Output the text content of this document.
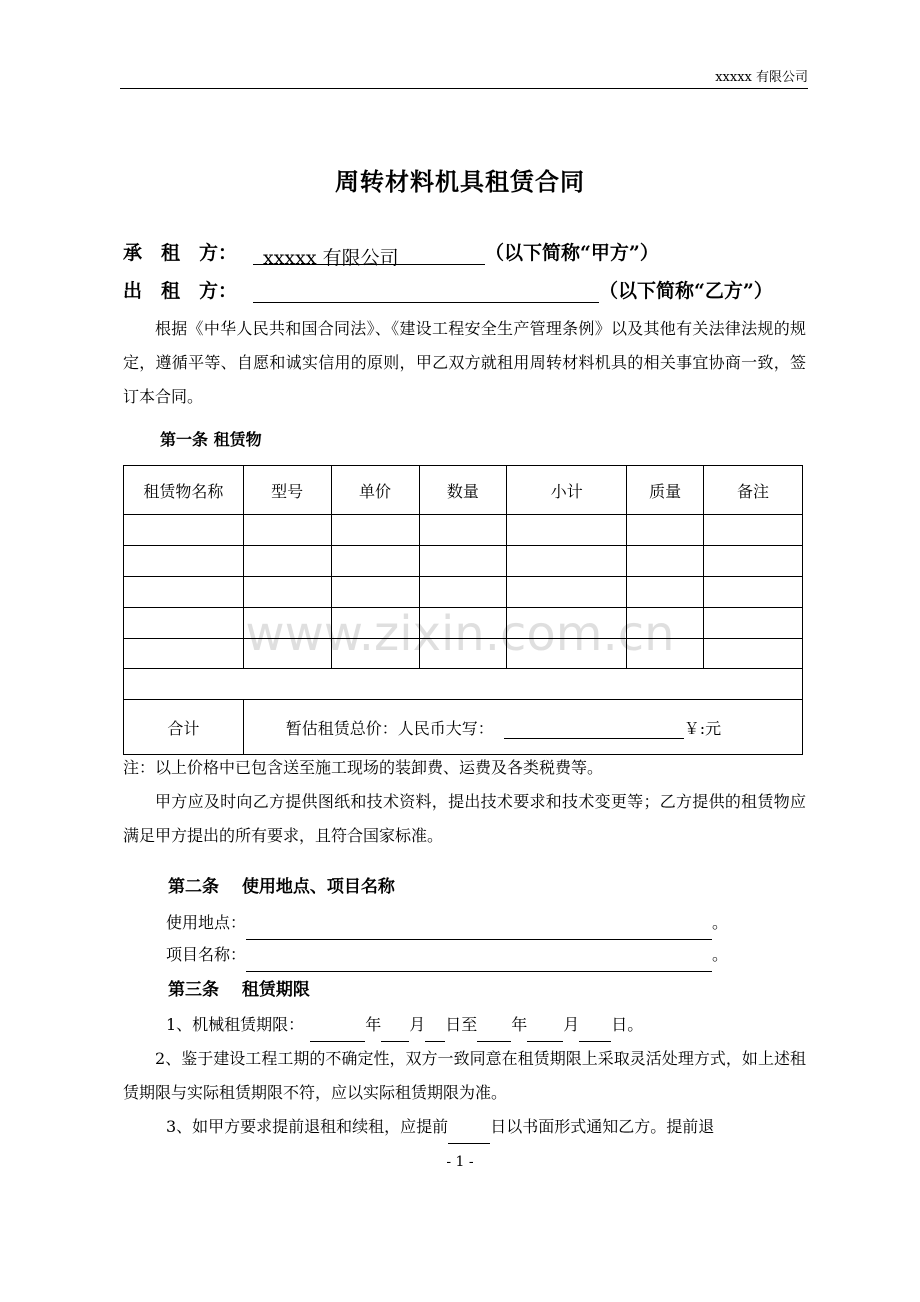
xxxxx 有限公司
周转材料机具租赁合同
承　租　方： xxxxx 有限公司	（以下简称“甲方”）
出　租　方：	（以下简称“乙方”）
根据《中华人民共和国合同法》、《建设工程安全生产管理条例》以及其他有关法律法规的规定，遵循平等、自愿和诚实信用的原则，甲乙双方就租用周转材料机具的相关事宜协商一致，签订本合同。
第一条 租赁物
租赁物名称	型号	单价	数量	小计	质量	备注

合计	暂估租赁总价：人民币大写： ￥:元					
www.zixin.com.cn
注：以上价格中已包含送至施工现场的装卸费、运费及各类税费等。
甲方应及时向乙方提供图纸和技术资料，提出技术要求和技术变更等；乙方提供的租赁物应满足甲方提出的所有要求，且符合国家标准。
第二条　 使用地点、项目名称
使用地点：	。
项目名称：	。
第三条　 租赁期限
1、机械租赁期限：	年 月 日至 年 月 日。
2、鉴于建设工程工期的不确定性，双方一致同意在租赁期限上采取灵活处理方式，如上述租赁期限与实际租赁期限不符，应以实际租赁期限为准。
3、如甲方要求提前退租和续租，应提前	日以书面形式通知乙方。提前退
- 1 -
